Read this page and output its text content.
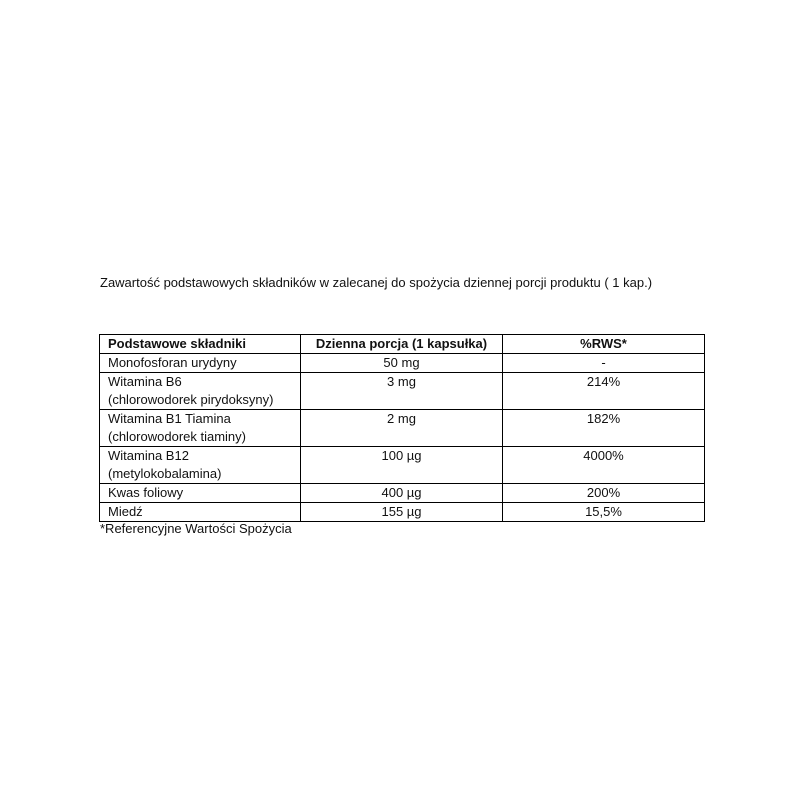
Zawartość podstawowych składników w zalecanej do spożycia dziennej porcji produktu ( 1 kap.)
Podstawowe składniki	Dzienna porcja (1 kapsułka)	%RWS*
Monofosforan urydyny	50 mg	-
Witamina B6
(chlorowodorek pirydoksyny)	3 mg	214%
Witamina B1 Tiamina
(chlorowodorek tiaminy)	2 mg	182%
Witamina B12
(metylokobalamina)	100 µg	4000%
Kwas foliowy	400 µg	200%
Miedź	155 µg	15,5%
*Referencyjne Wartości Spożycia
